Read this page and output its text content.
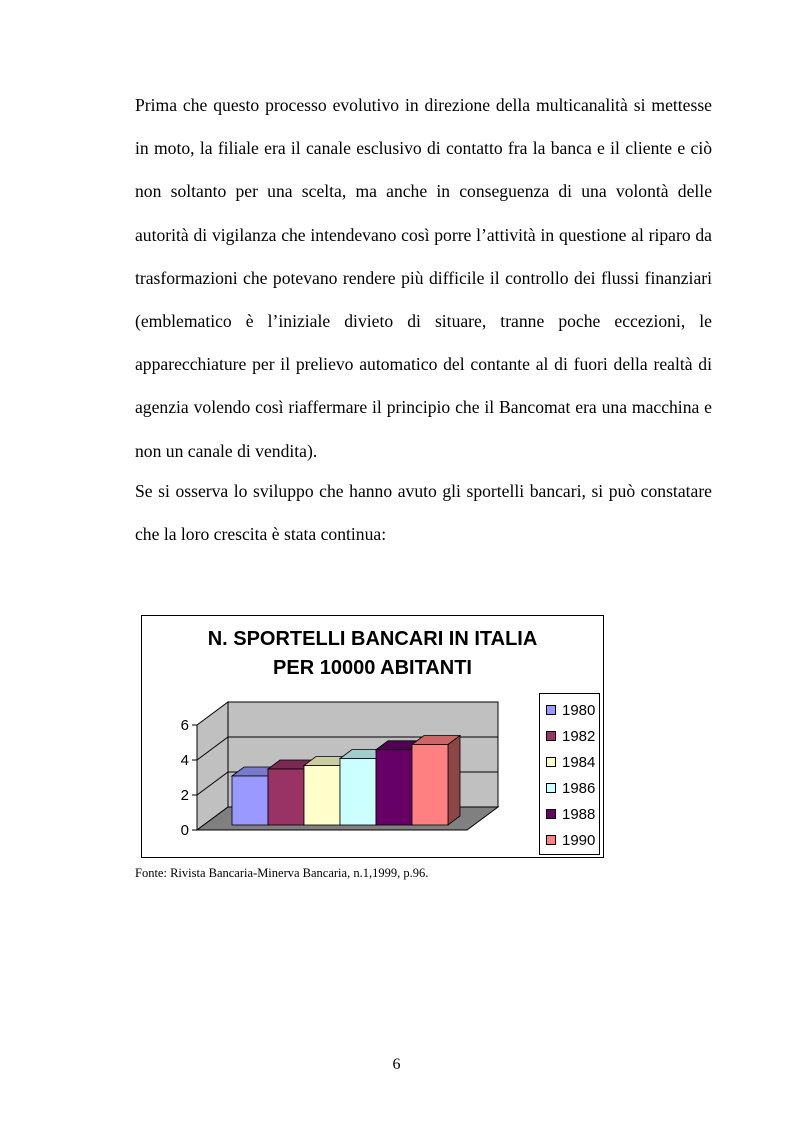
Prima che questo processo evolutivo in direzione della multicanalità si mettesse in moto, la filiale era il canale esclusivo di contatto fra la banca e il cliente e ciò non soltanto per una scelta, ma anche in conseguenza di una volontà delle autorità di vigilanza che intendevano così porre l’attività in questione al riparo da trasformazioni che potevano rendere più difficile il controllo dei flussi finanziari (emblematico è l’iniziale divieto di situare, tranne poche eccezioni, le apparecchiature per il prelievo automatico del contante al di fuori della realtà di agenzia volendo così riaffermare il principio che il Bancomat era una macchina e non un canale di vendita).

Se si osserva lo sviluppo che hanno avuto gli sportelli bancari, si può constatare che la loro crescita è stata continua:

N. SPORTELLI BANCARI IN ITALIA
PER 10000 ABITANTI
0
2
4
6
1980
1982
1984
1986
1988
1990

Fonte: Rivista Bancaria-Minerva Bancaria, n.1,1999, p.96.

6
